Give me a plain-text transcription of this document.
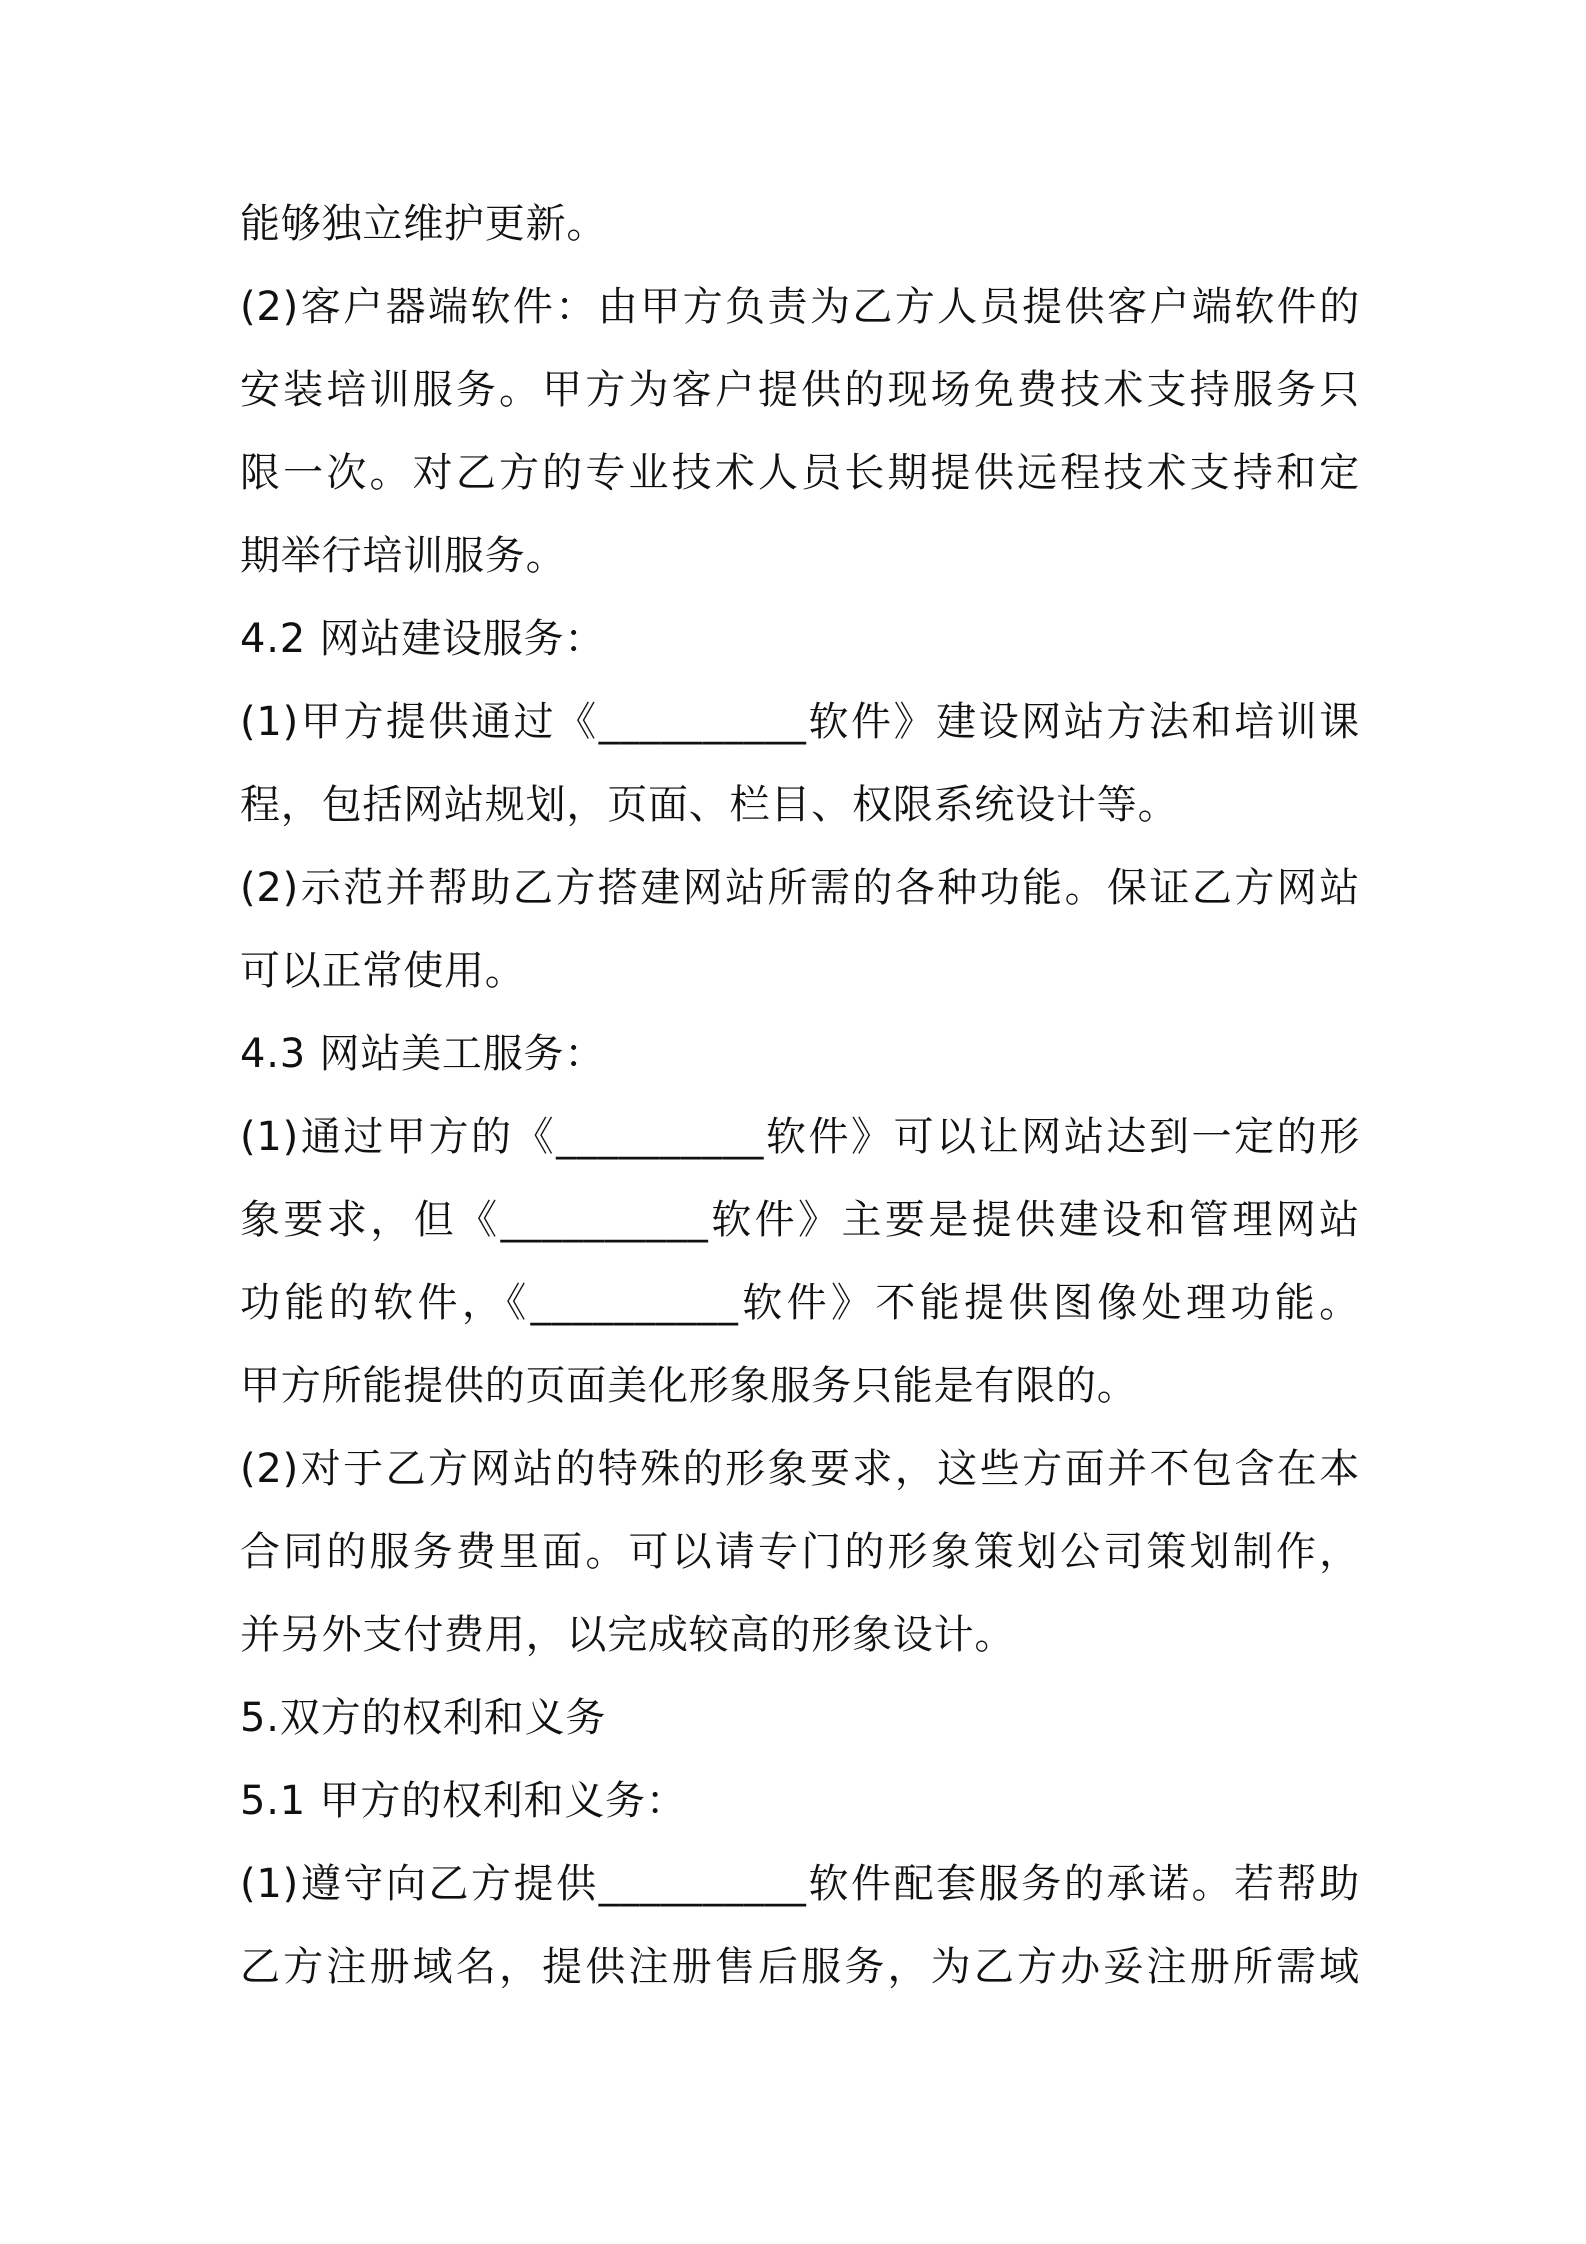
能够独立维护更新。
(2)客户器端软件：由甲方负责为乙方人员提供客户端软件的
安装培训服务。甲方为客户提供的现场免费技术支持服务只
限一次。对乙方的专业技术人员长期提供远程技术支持和定
期举行培训服务。
4.2 网站建设服务：
(1)甲方提供通过《__________软件》建设网站方法和培训课
程，包括网站规划，页面、栏目、权限系统设计等。
(2)示范并帮助乙方搭建网站所需的各种功能。保证乙方网站
可以正常使用。
4.3 网站美工服务：
(1)通过甲方的《__________软件》可以让网站达到一定的形
象要求，但《__________软件》主要是提供建设和管理网站
功能的软件，《__________软件》不能提供图像处理功能。
甲方所能提供的页面美化形象服务只能是有限的。
(2)对于乙方网站的特殊的形象要求，这些方面并不包含在本
合同的服务费里面。可以请专门的形象策划公司策划制作，
并另外支付费用，以完成较高的形象设计。
5.双方的权利和义务
5.1 甲方的权利和义务：
(1)遵守向乙方提供__________软件配套服务的承诺。若帮助
乙方注册域名，提供注册售后服务，为乙方办妥注册所需域
